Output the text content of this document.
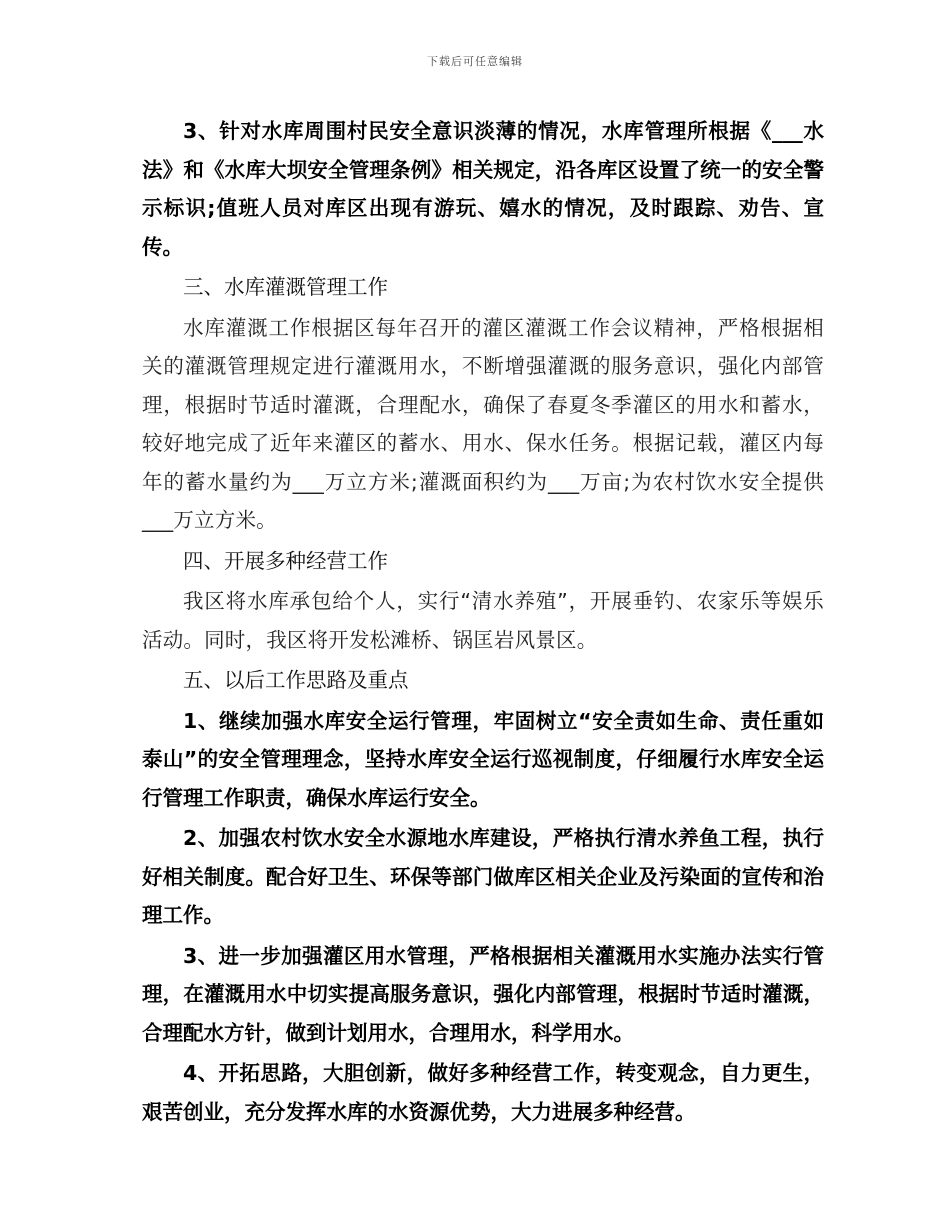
下载后可任意编辑

3、针对水库周围村民安全意识淡薄的情况，水库管理所根据《___水法》和《水库大坝安全管理条例》相关规定，沿各库区设置了统一的安全警示标识;值班人员对库区出现有游玩、嬉水的情况，及时跟踪、劝告、宣传。

三、水库灌溉管理工作

水库灌溉工作根据区每年召开的灌区灌溉工作会议精神，严格根据相关的灌溉管理规定进行灌溉用水，不断增强灌溉的服务意识，强化内部管理，根据时节适时灌溉，合理配水，确保了春夏冬季灌区的用水和蓄水，较好地完成了近年来灌区的蓄水、用水、保水任务。根据记载，灌区内每年的蓄水量约为___万立方米;灌溉面积约为___万亩;为农村饮水安全提供___万立方米。

四、开展多种经营工作

我区将水库承包给个人，实行“清水养殖”，开展垂钓、农家乐等娱乐活动。同时，我区将开发松滩桥、锅匡岩风景区。

五、以后工作思路及重点

1、继续加强水库安全运行管理，牢固树立“安全责如生命、责任重如泰山”的安全管理理念，坚持水库安全运行巡视制度，仔细履行水库安全运行管理工作职责，确保水库运行安全。

2、加强农村饮水安全水源地水库建设，严格执行清水养鱼工程，执行好相关制度。配合好卫生、环保等部门做库区相关企业及污染面的宣传和治理工作。

3、进一步加强灌区用水管理，严格根据相关灌溉用水实施办法实行管理，在灌溉用水中切实提高服务意识，强化内部管理，根据时节适时灌溉，合理配水方针，做到计划用水，合理用水，科学用水。

4、开拓思路，大胆创新，做好多种经营工作，转变观念，自力更生，艰苦创业，充分发挥水库的水资源优势，大力进展多种经营。
